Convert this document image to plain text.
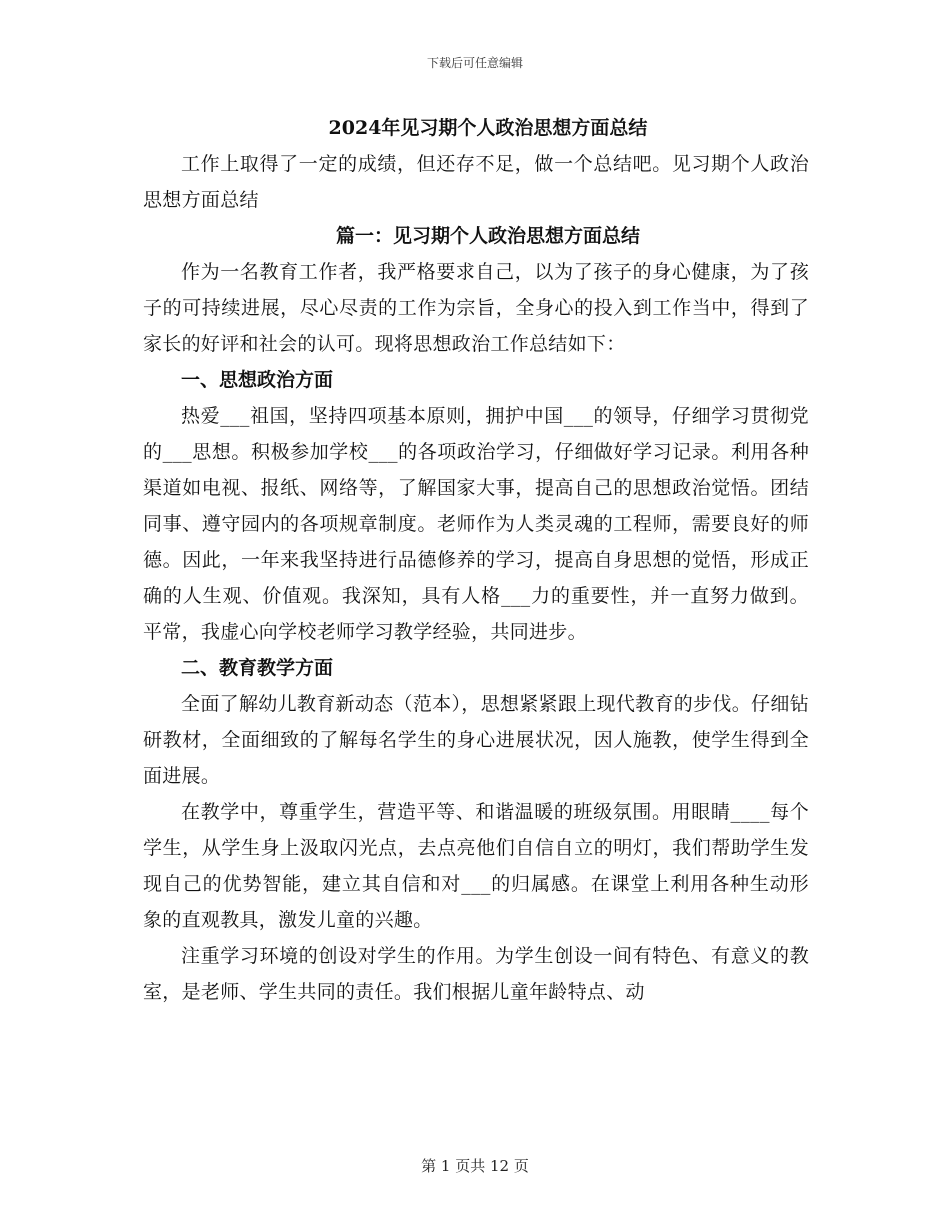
下载后可任意编辑
2024年见习期个人政治思想方面总结

工作上取得了一定的成绩，但还存不足，做一个总结吧。见习期个人政治思想方面总结

篇一：见习期个人政治思想方面总结

作为一名教育工作者，我严格要求自己，以为了孩子的身心健康，为了孩子的可持续进展，尽心尽责的工作为宗旨，全身心的投入到工作当中，得到了家长的好评和社会的认可。现将思想政治工作总结如下：

一、思想政治方面

热爱___祖国，坚持四项基本原则，拥护中国___的领导，仔细学习贯彻党的___思想。积极参加学校___的各项政治学习，仔细做好学习记录。利用各种渠道如电视、报纸、网络等，了解国家大事，提高自己的思想政治觉悟。团结同事、遵守园内的各项规章制度。老师作为人类灵魂的工程师，需要良好的师德。因此，一年来我坚持进行品德修养的学习，提高自身思想的觉悟，形成正确的人生观、价值观。我深知，具有人格___力的重要性，并一直努力做到。平常，我虚心向学校老师学习教学经验，共同进步。

二、教育教学方面

全面了解幼儿教育新动态（范本），思想紧紧跟上现代教育的步伐。仔细钻研教材，全面细致的了解每名学生的身心进展状况，因人施教，使学生得到全面进展。

在教学中，尊重学生，营造平等、和谐温暖的班级氛围。用眼睛____每个学生，从学生身上汲取闪光点，去点亮他们自信自立的明灯，我们帮助学生发现自己的优势智能，建立其自信和对___的归属感。在课堂上利用各种生动形象的直观教具，激发儿童的兴趣。

注重学习环境的创设对学生的作用。为学生创设一间有特色、有意义的教室，是老师、学生共同的责任。我们根据儿童年龄特点、动

第 1 页共 12 页
